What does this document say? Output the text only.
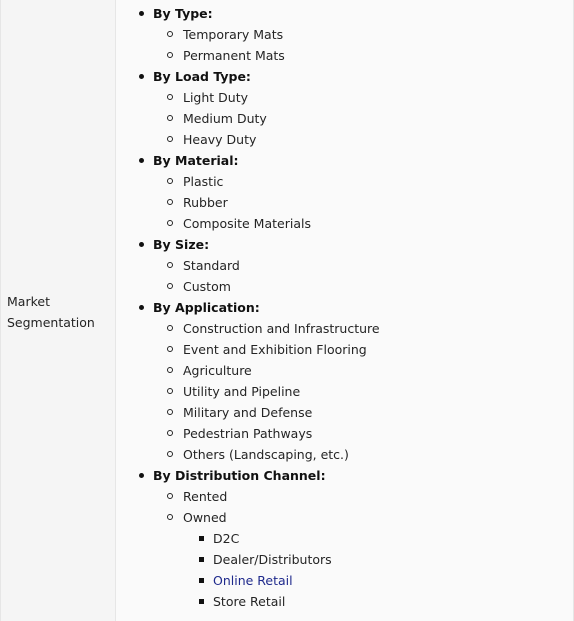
Market Segmentation
By Type:
Temporary Mats
Permanent Mats
By Load Type:
Light Duty
Medium Duty
Heavy Duty
By Material:
Plastic
Rubber
Composite Materials
By Size:
Standard
Custom
By Application:
Construction and Infrastructure
Event and Exhibition Flooring
Agriculture
Utility and Pipeline
Military and Defense
Pedestrian Pathways
Others (Landscaping, etc.)
By Distribution Channel:
Rented
Owned
D2C
Dealer/Distributors
Online Retail
Store Retail
